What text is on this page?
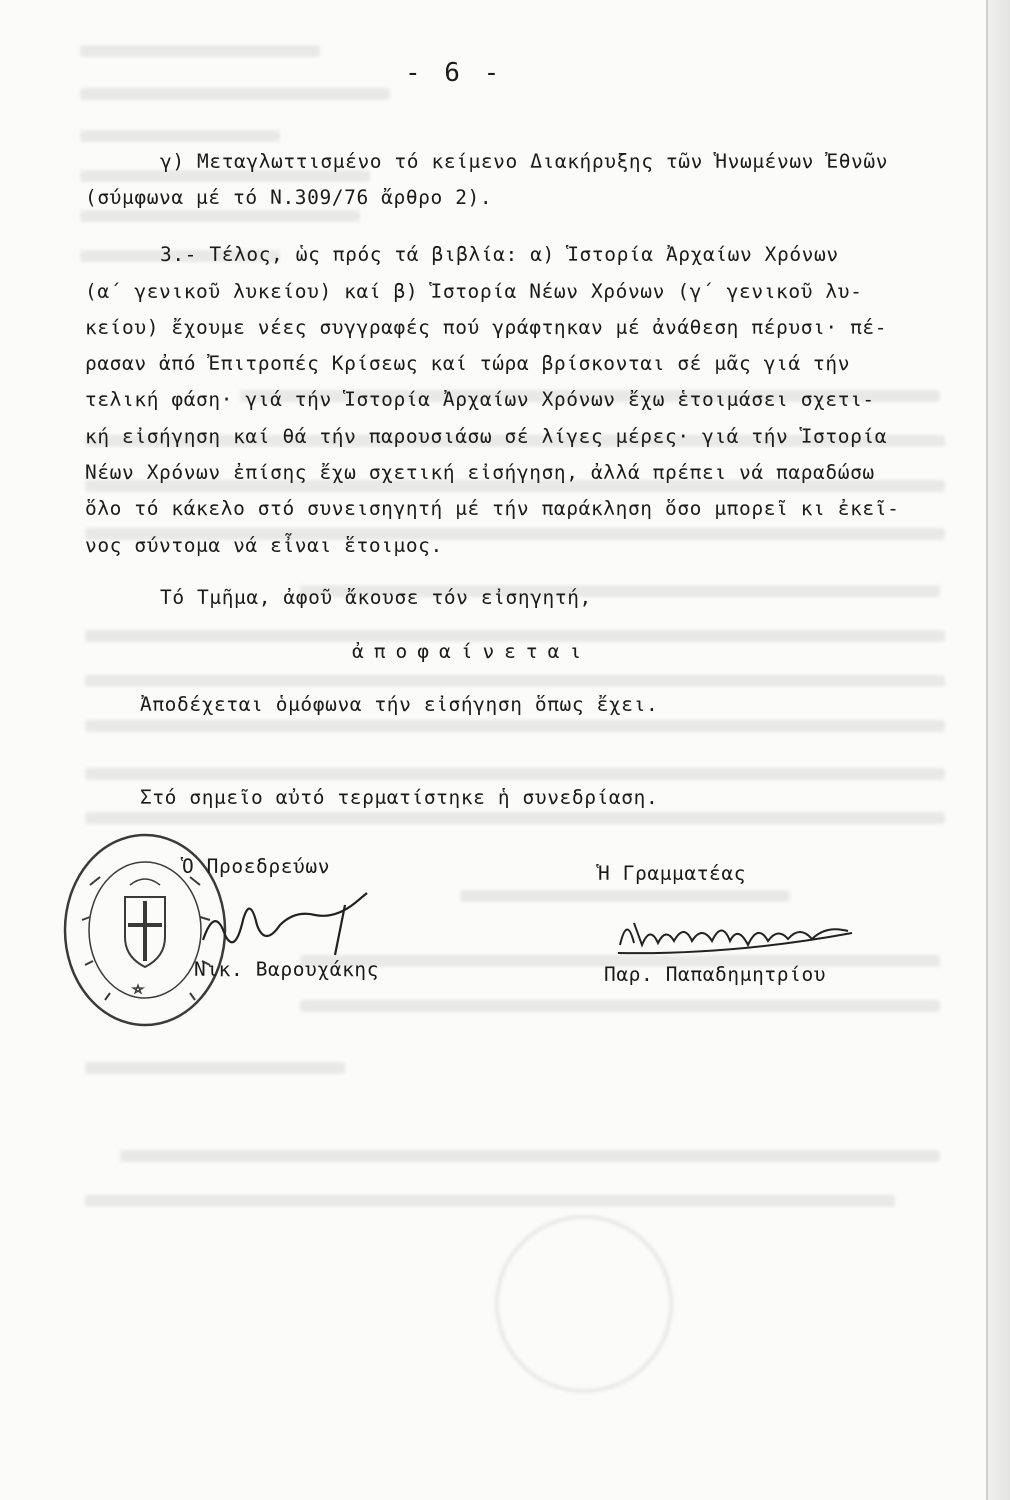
- 6 -
γ) Μεταγλωττισμένο τό κείμενο Διακήρυξης τῶν Ἡνωμένων Ἐθνῶν
(σύμφωνα μέ τό Ν.309/76 ἄρθρο 2).
3.- Τέλος, ὡς πρός τά βιβλία: α) Ἱστορία Ἀρχαίων Χρόνων
(α΄ γενικοῦ λυκείου) καί β) Ἱστορία Νέων Χρόνων (γ΄ γενικοῦ λυ-
κείου) ἔχουμε νέες συγγραφές πού γράφτηκαν μέ ἀνάθεση πέρυσι· πέ-
ρασαν ἀπό Ἐπιτροπές Κρίσεως καί τώρα βρίσκονται σέ μᾶς γιά τήν
τελική φάση· γιά τήν Ἱστορία Ἀρχαίων Χρόνων ἔχω ἑτοιμάσει σχετι-
κή εἰσήγηση καί θά τήν παρουσιάσω σέ λίγες μέρες· γιά τήν Ἱστορία
Νέων Χρόνων ἐπίσης ἔχω σχετική εἰσήγηση, ἀλλά πρέπει νά παραδώσω
ὅλο τό κάκελο στό συνεισηγητή μέ τήν παράκληση ὅσο μπορεῖ κι ἐκεῖ-
νος σύντομα νά εἶναι ἕτοιμος.
Τό Τμῆμα, ἀφοῦ ἄκουσε τόν εἰσηγητή,
ἀποφαίνεται
Ἀποδέχεται ὁμόφωνα τήν εἰσήγηση ὅπως ἔχει.
Στό σημεῖο αὐτό τερματίστηκε ἡ συνεδρίαση.
Ὁ Προεδρεύων	Ἡ Γραμματέας
Νικ. Βαρουχάκης	Παρ. Παπαδημητρίου
